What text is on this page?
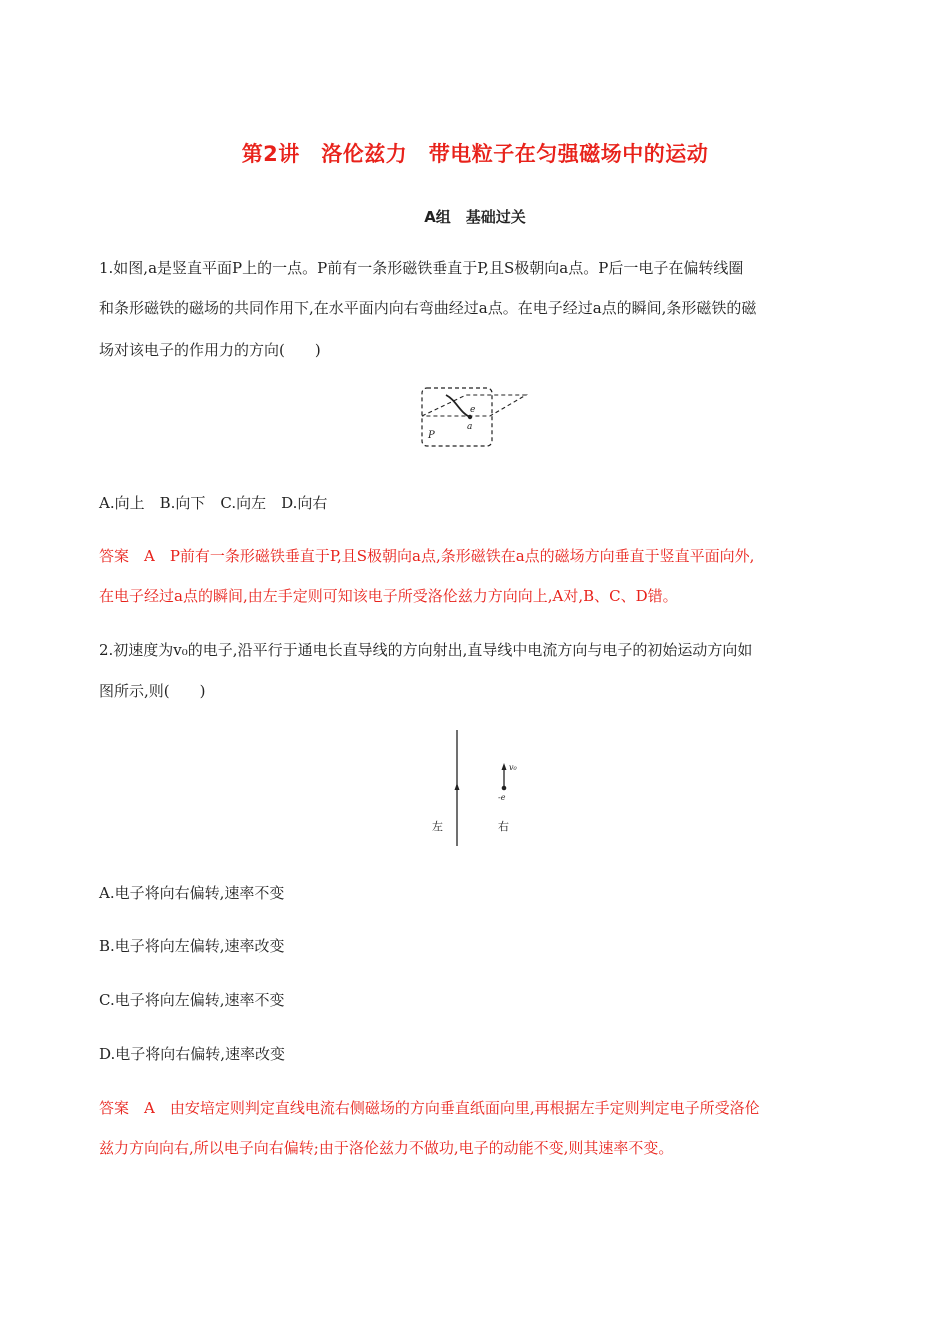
第2讲　洛伦兹力　带电粒子在匀强磁场中的运动
A组　基础过关
1.如图,a是竖直平面P上的一点。P前有一条形磁铁垂直于P,且S极朝向a点。P后一电子在偏转线圈
和条形磁铁的磁场的共同作用下,在水平面内向右弯曲经过a点。在电子经过a点的瞬间,条形磁铁的磁
场对该电子的作用力的方向(　　)
e
a
P
A.向上　B.向下　C.向左　D.向右
答案　A　P前有一条形磁铁垂直于P,且S极朝向a点,条形磁铁在a点的磁场方向垂直于竖直平面向外,
在电子经过a点的瞬间,由左手定则可知该电子所受洛伦兹力方向向上,A对,B、C、D错。
2.初速度为v₀的电子,沿平行于通电长直导线的方向射出,直导线中电流方向与电子的初始运动方向如
图所示,则(　　)
v₀
-e
左	右
A.电子将向右偏转,速率不变
B.电子将向左偏转,速率改变
C.电子将向左偏转,速率不变
D.电子将向右偏转,速率改变
答案　A　由安培定则判定直线电流右侧磁场的方向垂直纸面向里,再根据左手定则判定电子所受洛伦
兹力方向向右,所以电子向右偏转;由于洛伦兹力不做功,电子的动能不变,则其速率不变。
